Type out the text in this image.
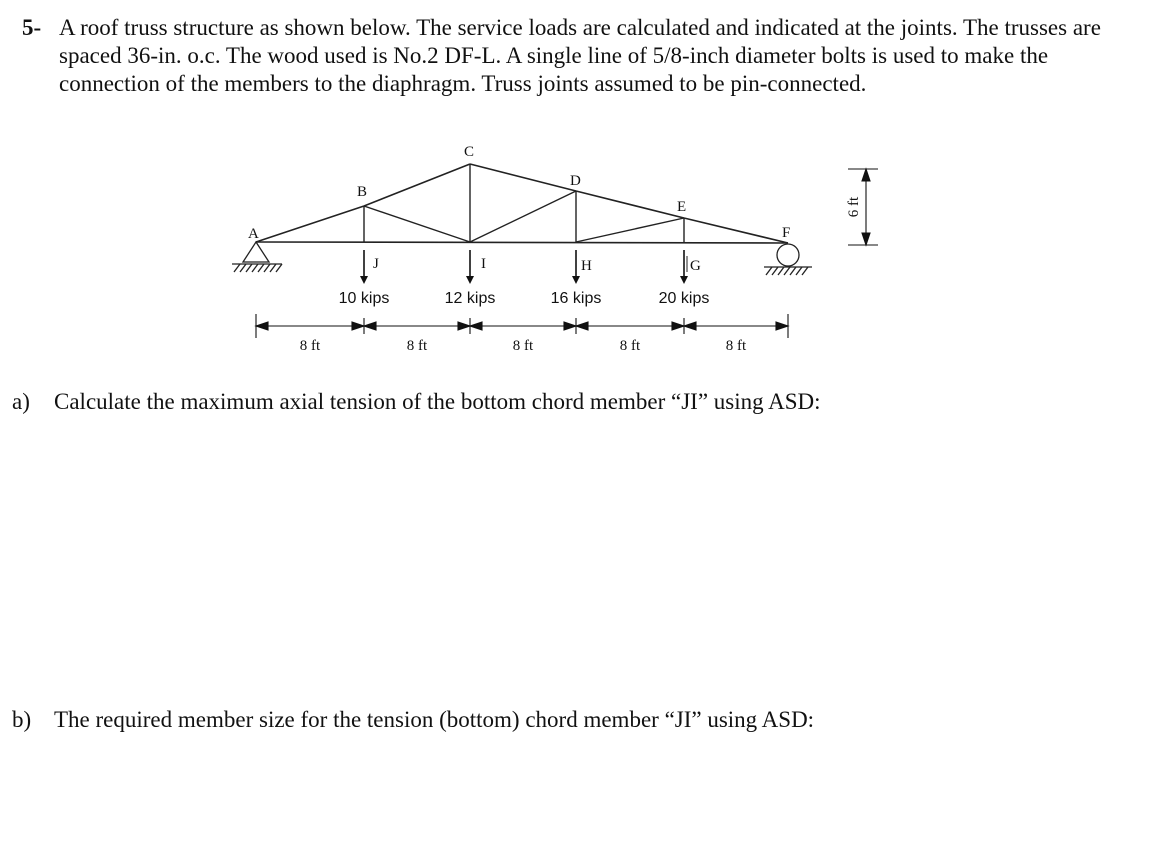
5- A roof truss structure as shown below. The service loads are calculated and indicated at the joints. The trusses are spaced 36-in. o.c. The wood used is No.2 DF-L. A single line of 5/8-inch diameter bolts is used to make the connection of the members to the diaphragm. Truss joints assumed to be pin-connected.
A
B
C
D
E
F
J	I	H	G
10 kips	12 kips	16 kips	20 kips
8 ft	8 ft	8 ft	8 ft	8 ft
6 ft
a) Calculate the maximum axial tension of the bottom chord member “JI” using ASD:
b) The required member size for the tension (bottom) chord member “JI” using ASD:
